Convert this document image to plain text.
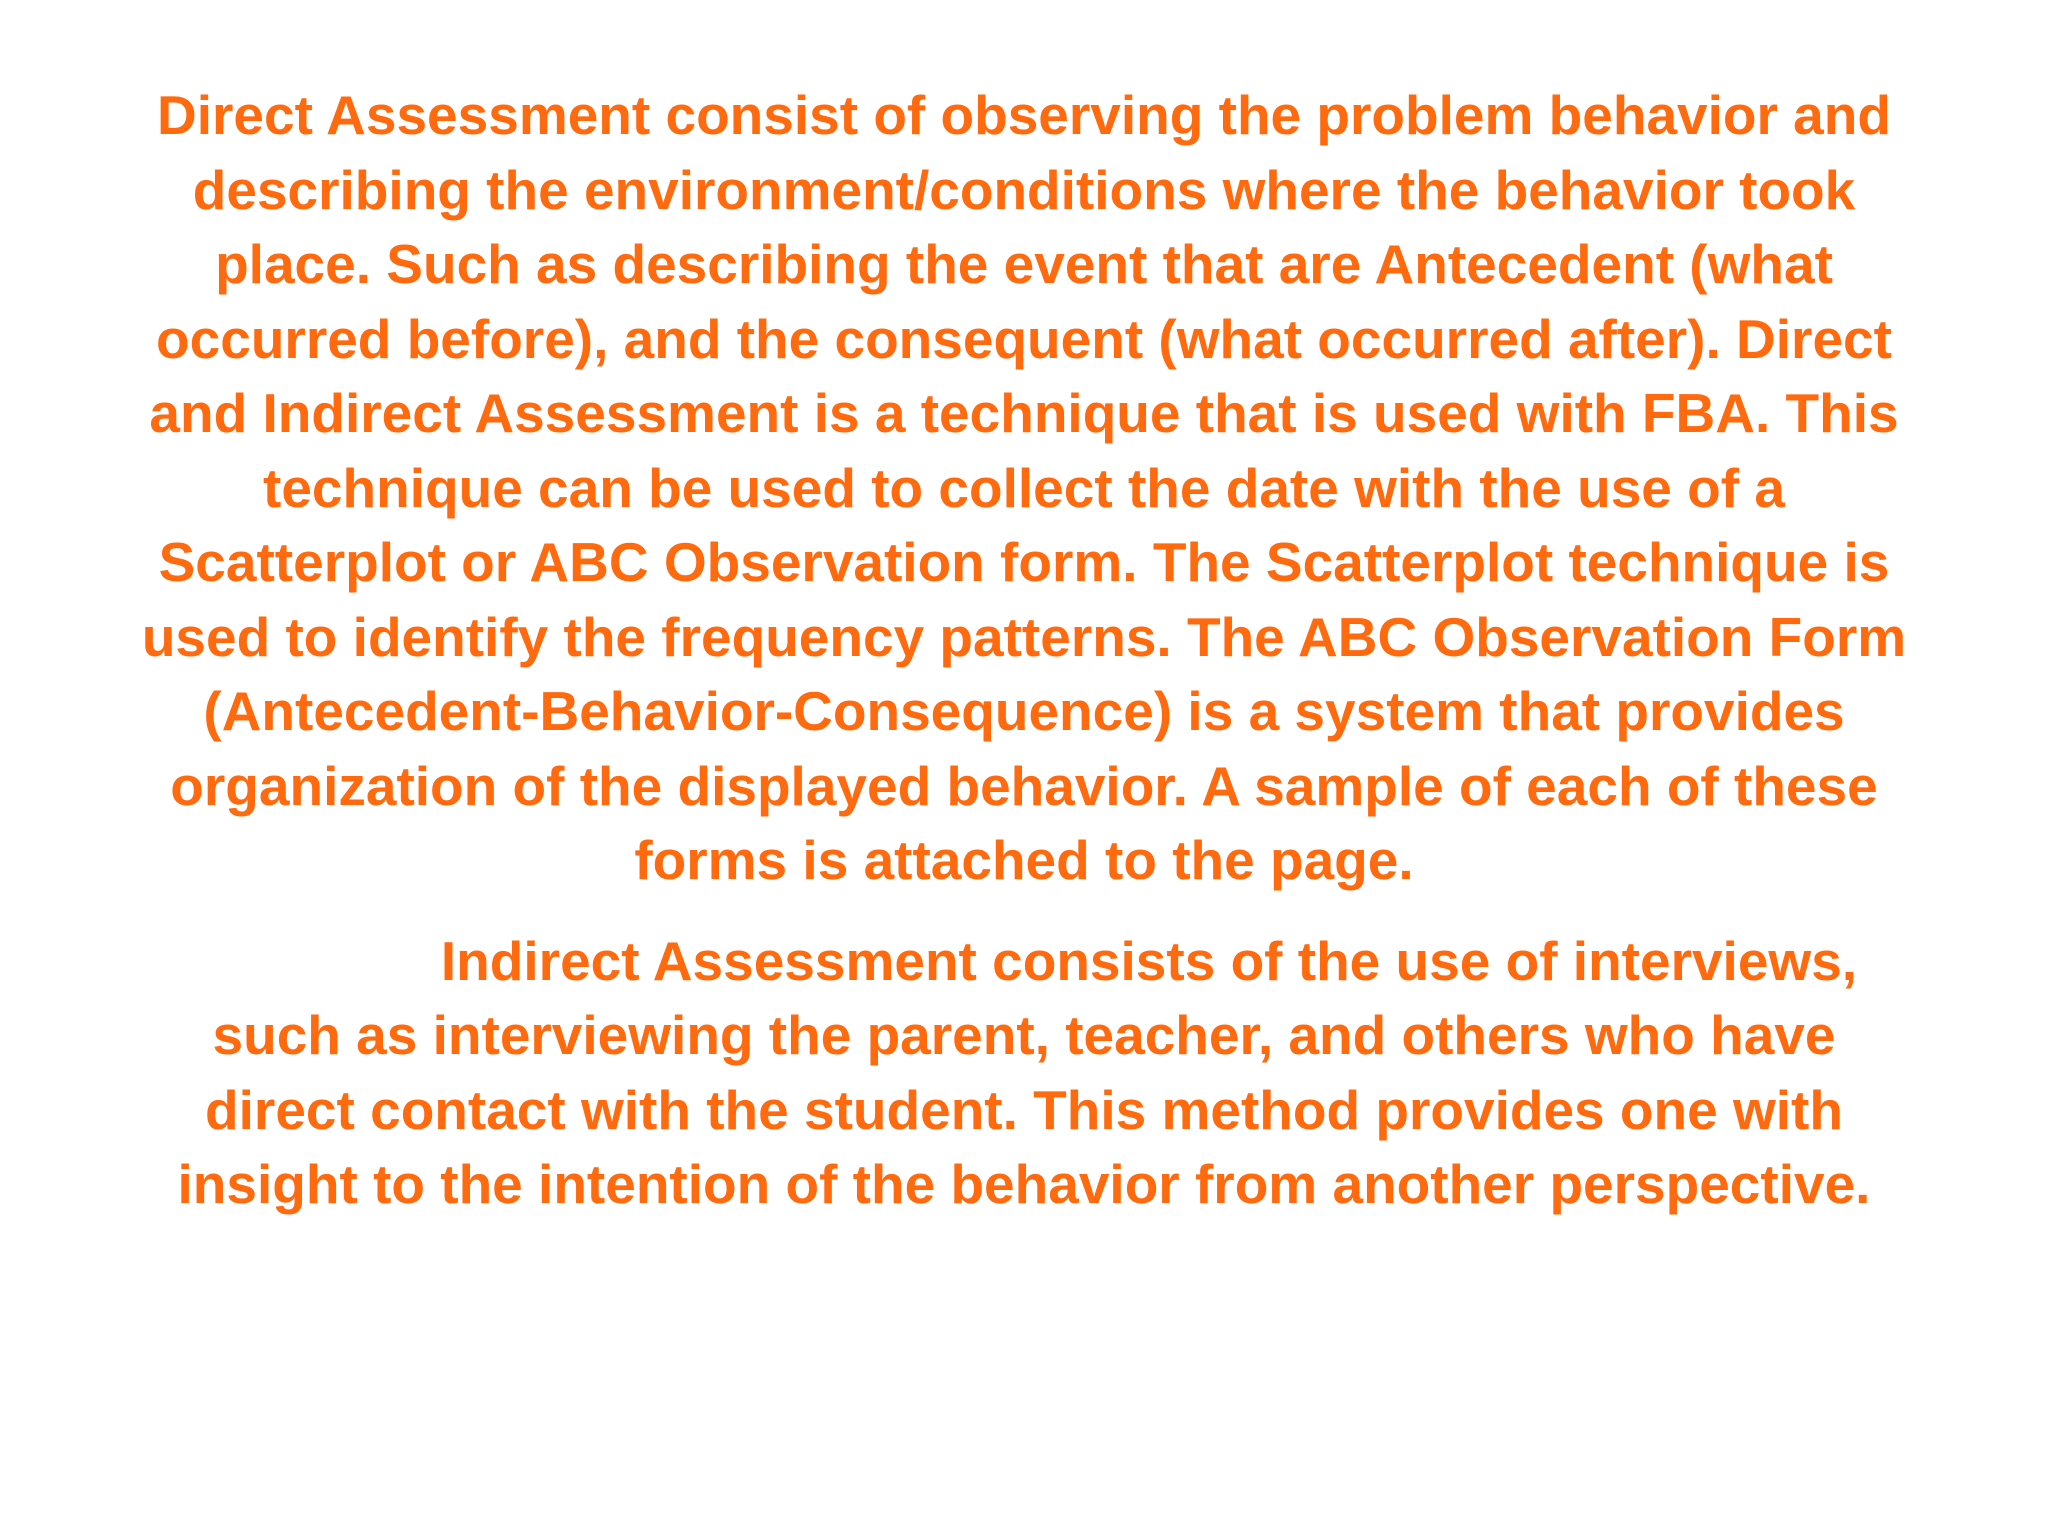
Direct Assessment consist of observing the problem behavior and describing the environment/conditions where the behavior took place. Such as describing the event that are Antecedent (what occurred before), and the consequent (what occurred after). Direct and Indirect Assessment is a technique that is used with FBA. This technique can be used to collect the date with the use of a Scatterplot or ABC Observation form. The Scatterplot technique is used to identify the frequency patterns. The ABC Observation Form (Antecedent-Behavior-Consequence) is a system that provides organization of the displayed behavior. A sample of each of these forms is attached to the page.

Indirect Assessment consists of the use of interviews, such as interviewing the parent, teacher, and others who have direct contact with the student. This method provides one with insight to the intention of the behavior from another perspective.
